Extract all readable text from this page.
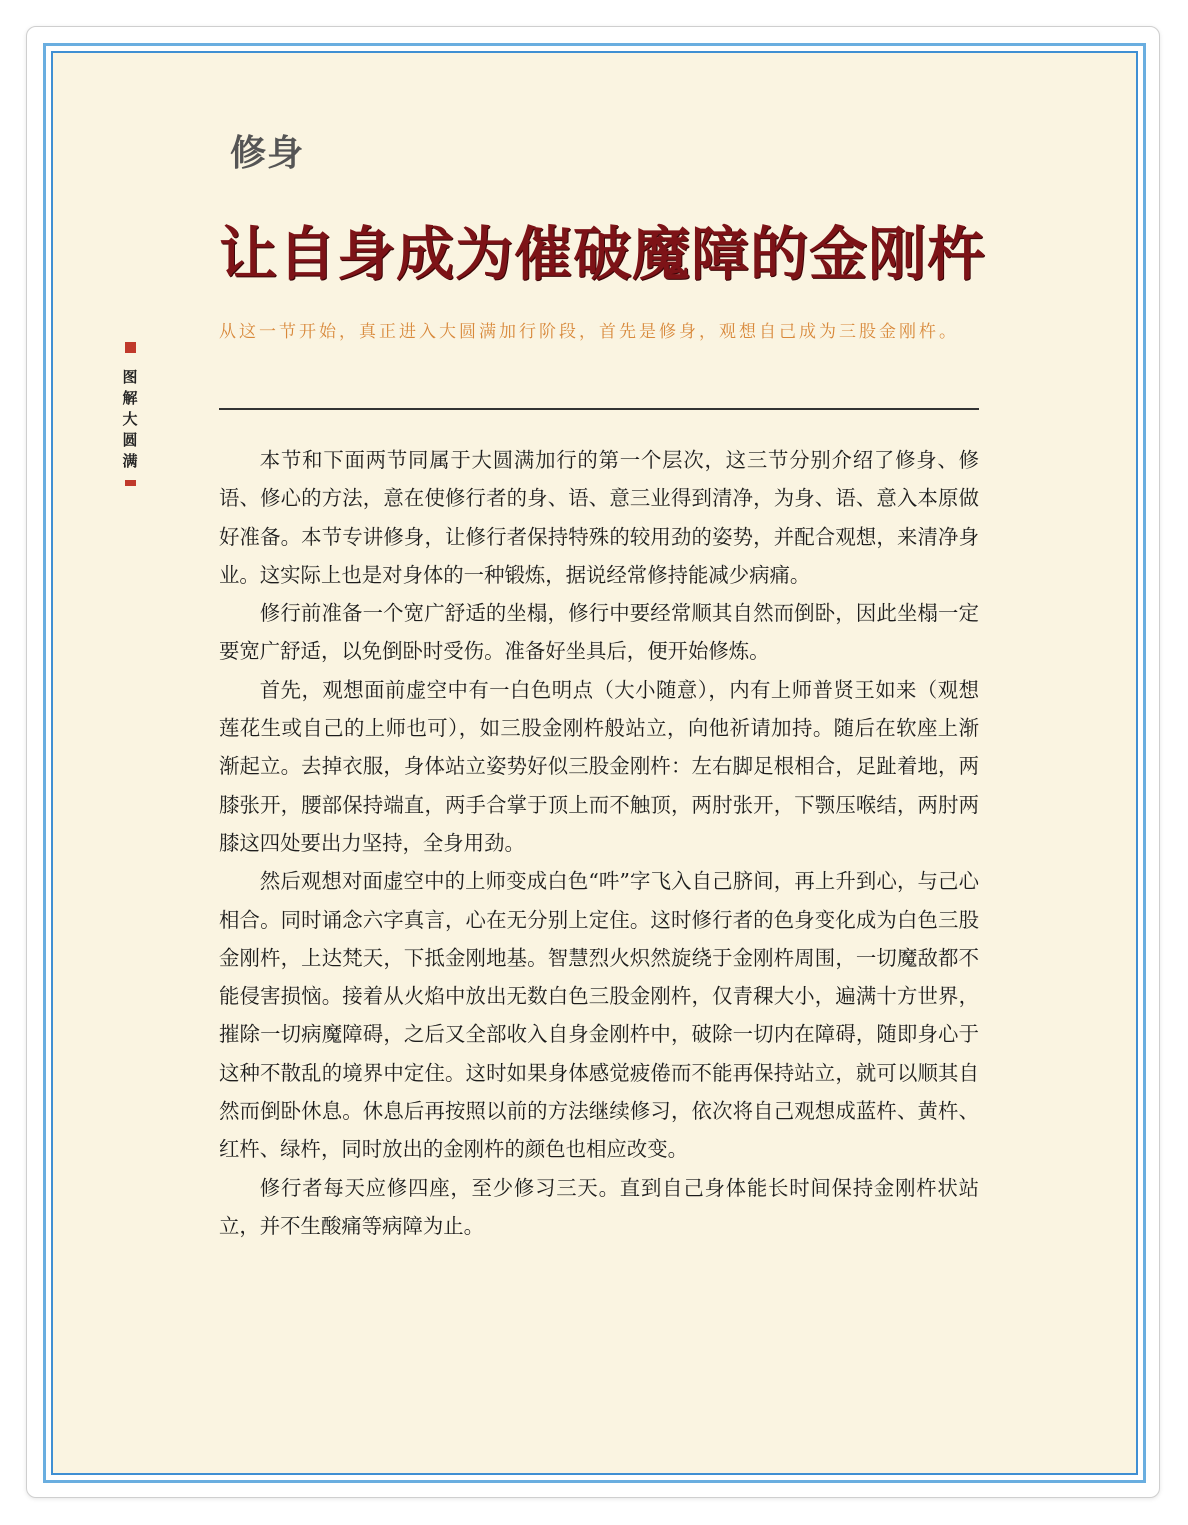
修身
让自身成为催破魔障的金刚杵
从这一节开始，真正进入大圆满加行阶段，首先是修身，观想自己成为三股金刚杵。
图解大圆满	本节和下面两节同属于大圆满加行的第一个层次，这三节分别介绍了修身、修语、修心的方法，意在使修行者的身、语、意三业得到清净，为身、语、意入本原做好准备。本节专讲修身，让修行者保持特殊的较用劲的姿势，并配合观想，来清净身业。这实际上也是对身体的一种锻炼，据说经常修持能减少病痛。

修行前准备一个宽广舒适的坐榻，修行中要经常顺其自然而倒卧，因此坐榻一定要宽广舒适，以免倒卧时受伤。准备好坐具后，便开始修炼。

首先，观想面前虚空中有一白色明点（大小随意），内有上师普贤王如来（观想莲花生或自己的上师也可），如三股金刚杵般站立，向他祈请加持。随后在软座上渐渐起立。去掉衣服，身体站立姿势好似三股金刚杵：左右脚足根相合，足趾着地，两膝张开，腰部保持端直，两手合掌于顶上而不触顶，两肘张开，下颚压喉结，两肘两膝这四处要出力坚持，全身用劲。

然后观想对面虚空中的上师变成白色“吽”字飞入自己脐间，再上升到心，与己心相合。同时诵念六字真言，心在无分别上定住。这时修行者的色身变化成为白色三股金刚杵，上达梵天，下抵金刚地基。智慧烈火炽然旋绕于金刚杵周围，一切魔敌都不能侵害损恼。接着从火焰中放出无数白色三股金刚杵，仅青稞大小，遍满十方世界，摧除一切病魔障碍，之后又全部收入自身金刚杵中，破除一切内在障碍，随即身心于这种不散乱的境界中定住。这时如果身体感觉疲倦而不能再保持站立，就可以顺其自然而倒卧休息。休息后再按照以前的方法继续修习，依次将自己观想成蓝杵、黄杵、红杵、绿杵，同时放出的金刚杵的颜色也相应改变。

修行者每天应修四座，至少修习三天。直到自己身体能长时间保持金刚杵状站立，并不生酸痛等病障为止。
